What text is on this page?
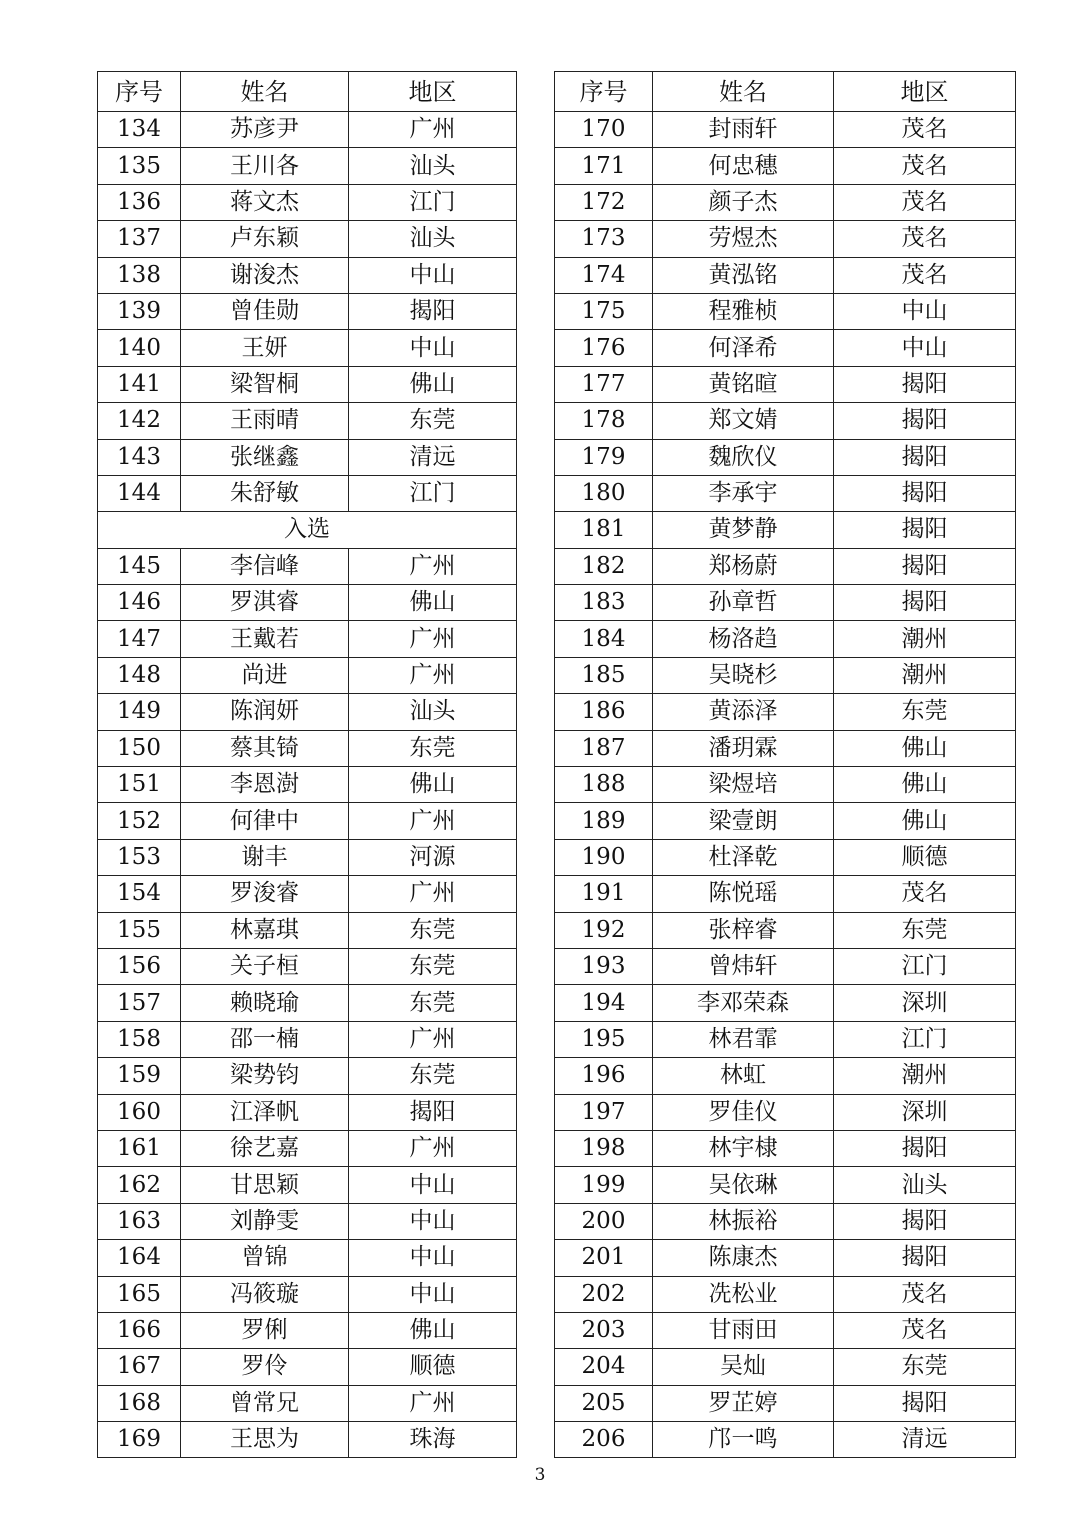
序号	姓名	地区
134	苏彦尹	广州
135	王川各	汕头
136	蒋文杰	江门
137	卢东颖	汕头
138	谢浚杰	中山
139	曾佳勋	揭阳
140	王妍	中山
141	梁智桐	佛山
142	王雨晴	东莞
143	张继鑫	清远
144	朱舒敏	江门
入选		
145	李信峰	广州
146	罗淇睿	佛山
147	王戴若	广州
148	尚进	广州
149	陈润妍	汕头
150	蔡其锜	东莞
151	李恩澍	佛山
152	何律中	广州
153	谢丰	河源
154	罗浚睿	广州
155	林嘉琪	东莞
156	关子桓	东莞
157	赖晓瑜	东莞
158	邵一楠	广州
159	梁势钧	东莞
160	江泽帆	揭阳
161	徐艺嘉	广州
162	甘思颖	中山
163	刘静雯	中山
164	曾锦	中山
165	冯筱璇	中山
166	罗俐	佛山
167	罗伶	顺德
168	曾常兄	广州
169	王思为	珠海
序号	姓名	地区
170	封雨轩	茂名
171	何忠穗	茂名
172	颜子杰	茂名
173	劳煜杰	茂名
174	黄泓铭	茂名
175	程雅桢	中山
176	何泽希	中山
177	黄铭暄	揭阳
178	郑文婧	揭阳
179	魏欣仪	揭阳
180	李承宇	揭阳
181	黄梦静	揭阳
182	郑杨蔚	揭阳
183	孙章哲	揭阳
184	杨洛趋	潮州
185	吴晓杉	潮州
186	黄添泽	东莞
187	潘玥霖	佛山
188	梁煜培	佛山
189	梁壹朗	佛山
190	杜泽乾	顺德
191	陈悦瑶	茂名
192	张梓睿	东莞
193	曾炜轩	江门
194	李邓荣森	深圳
195	林君霏	江门
196	林虹	潮州
197	罗佳仪	深圳
198	林宇棣	揭阳
199	吴依琳	汕头
200	林振裕	揭阳
201	陈康杰	揭阳
202	冼松业	茂名
203	甘雨田	茂名
204	吴灿	东莞
205	罗芷婷	揭阳
206	邝一鸣	清远
3
